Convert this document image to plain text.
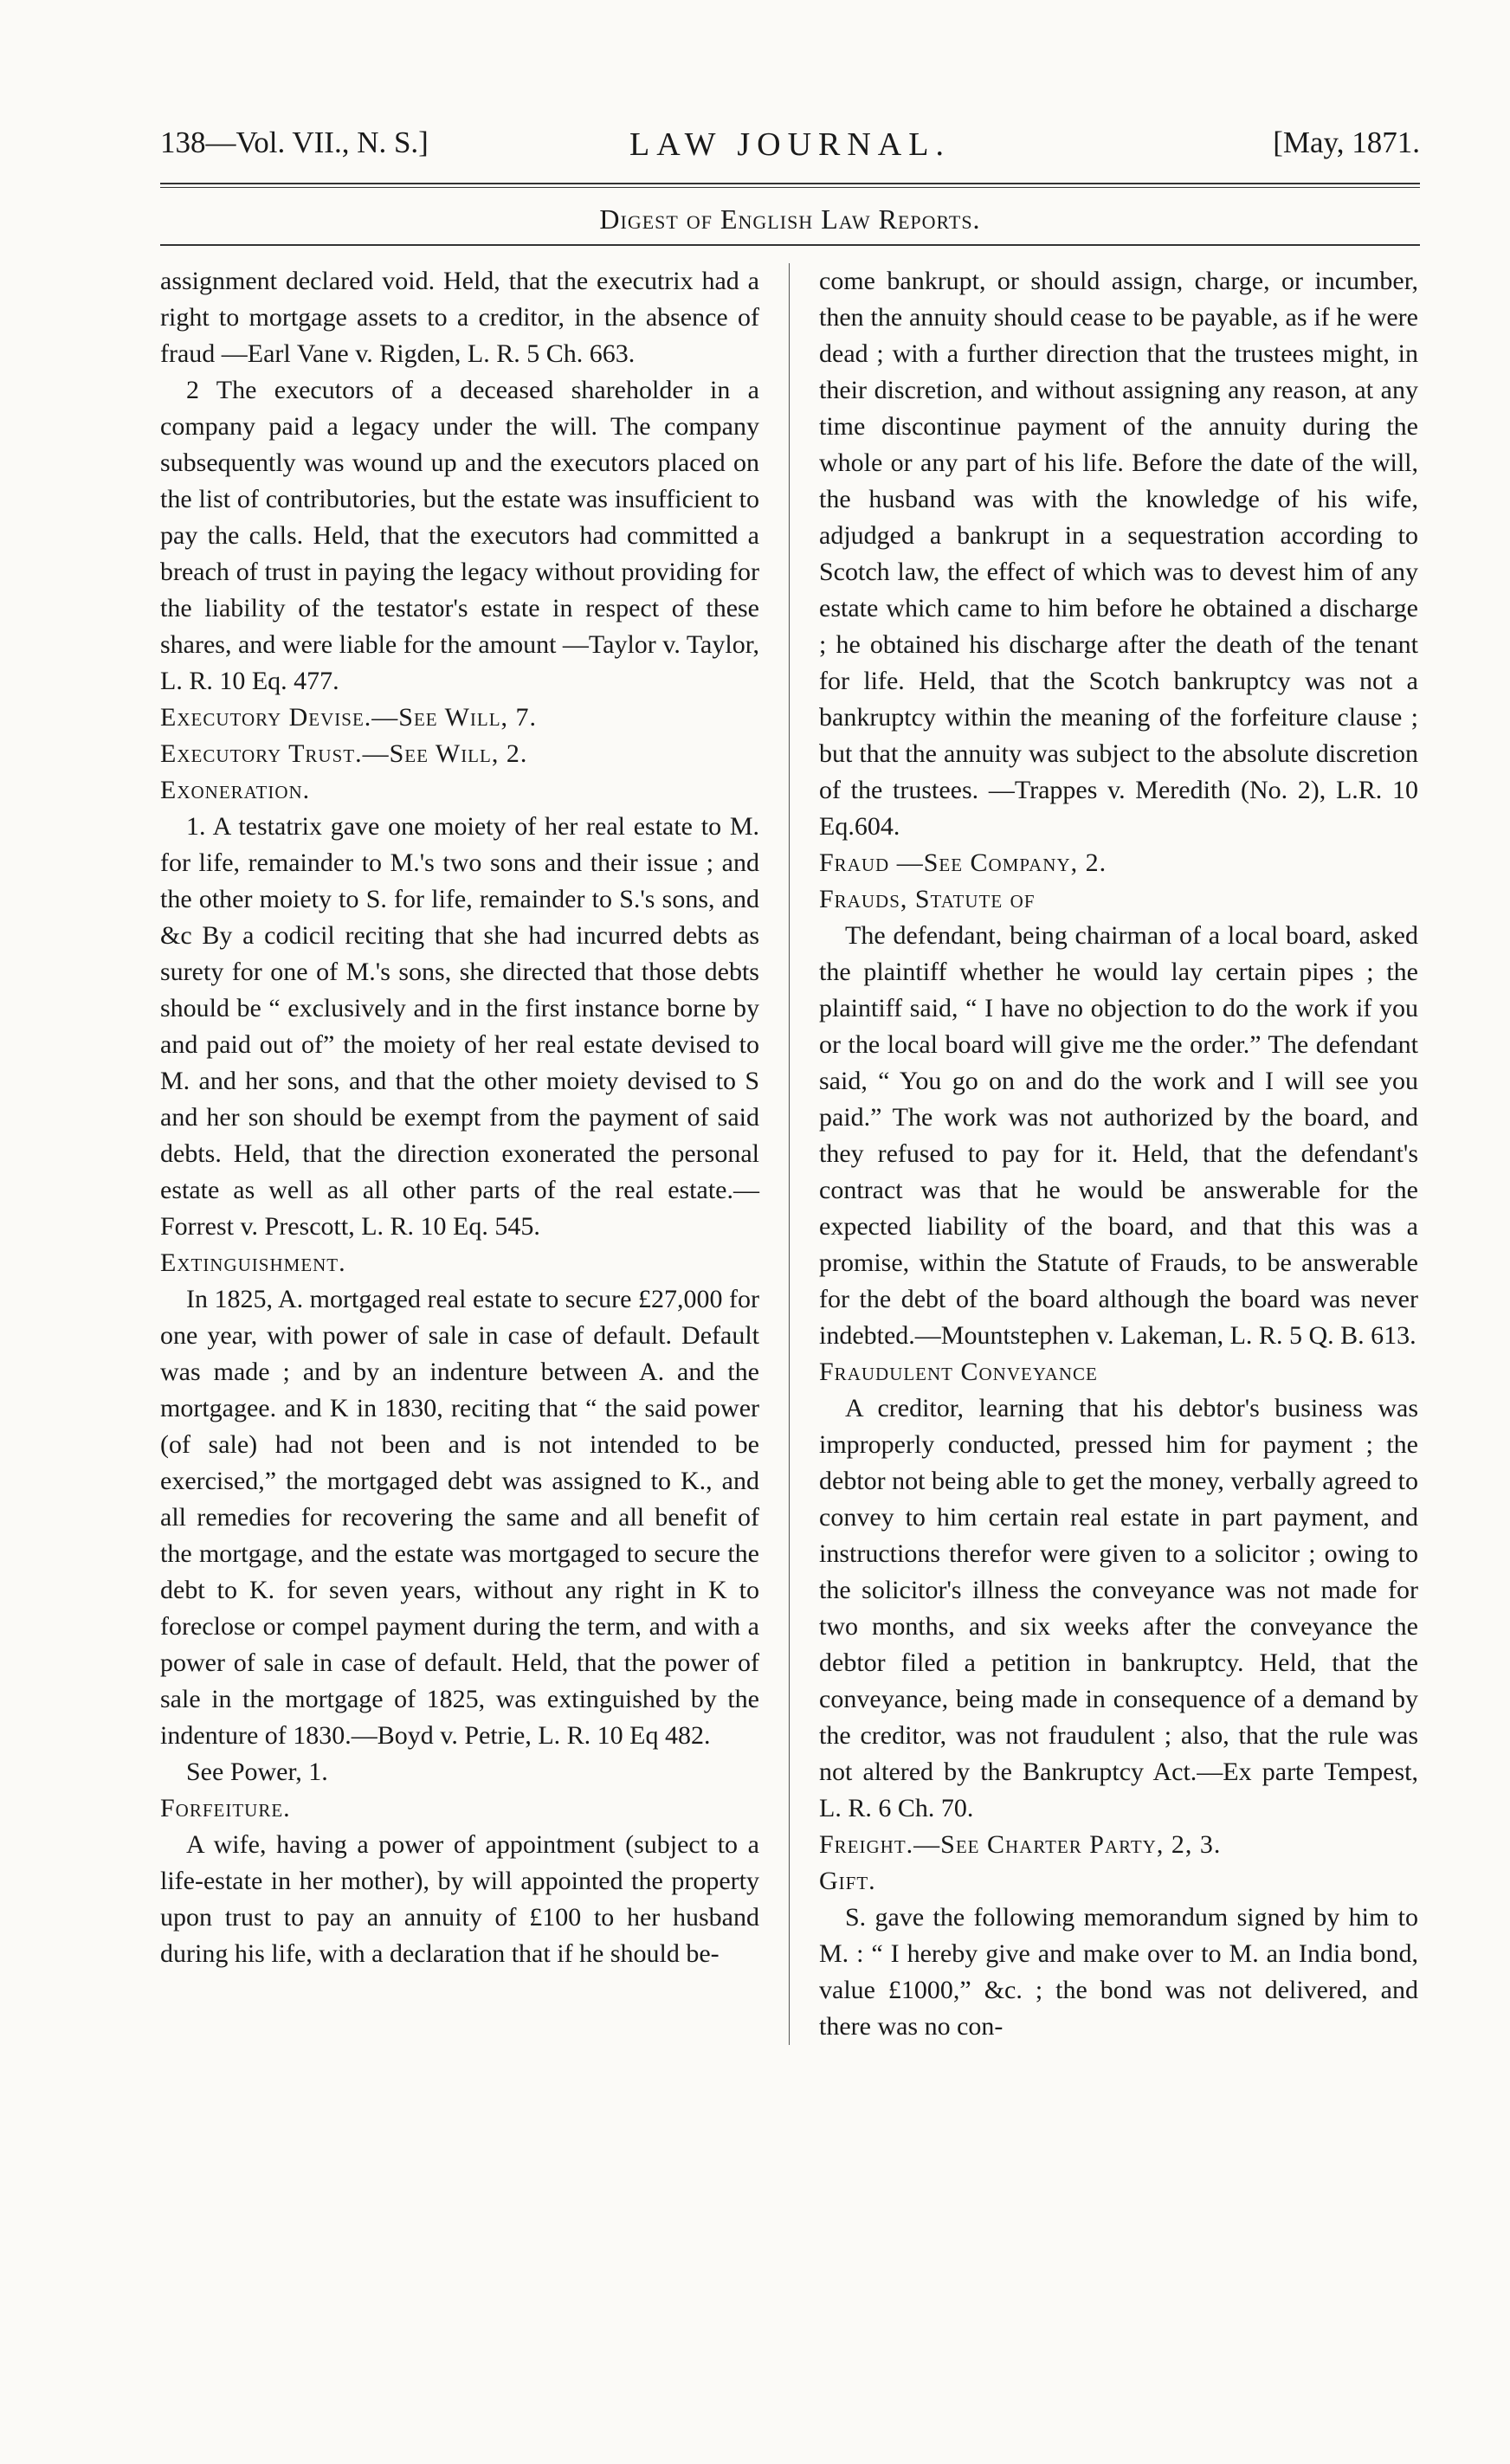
138—Vol. VII., N. S.]	LAW JOURNAL.	[May, 1871.
Digest of English Law Reports.

assignment declared void. Held, that the executrix had a right to mortgage assets to a creditor, in the absence of fraud —Earl Vane v. Rigden, L. R. 5 Ch. 663.

2 The executors of a deceased shareholder in a company paid a legacy under the will. The company subsequently was wound up and the executors placed on the list of contributories, but the estate was insufficient to pay the calls. Held, that the executors had committed a breach of trust in paying the legacy without providing for the liability of the testator's estate in respect of these shares, and were liable for the amount —Taylor v. Taylor, L. R. 10 Eq. 477.

Executory Devise.—See Will, 7.
Executory Trust.—See Will, 2.
Exoneration.

1. A testatrix gave one moiety of her real estate to M. for life, remainder to M.'s two sons and their issue ; and the other moiety to S. for life, remainder to S.'s sons, and &c By a codicil reciting that she had incurred debts as surety for one of M.'s sons, she directed that those debts should be “ exclusively and in the first instance borne by and paid out of” the moiety of her real estate devised to M. and her sons, and that the other moiety devised to S and her son should be exempt from the payment of said debts. Held, that the direction exonerated the personal estate as well as all other parts of the real estate.—Forrest v. Prescott, L. R. 10 Eq. 545.

Extinguishment.

In 1825, A. mortgaged real estate to secure £27,000 for one year, with power of sale in case of default. Default was made ; and by an indenture between A. and the mortgagee. and K in 1830, reciting that “ the said power (of sale) had not been and is not intended to be exercised,” the mortgaged debt was assigned to K., and all remedies for recovering the same and all benefit of the mortgage, and the estate was mortgaged to secure the debt to K. for seven years, without any right in K to foreclose or compel payment during the term, and with a power of sale in case of default. Held, that the power of sale in the mortgage of 1825, was extinguished by the indenture of 1830.—Boyd v. Petrie, L. R. 10 Eq 482.

See Power, 1.
Forfeiture.

A wife, having a power of appointment (subject to a life-estate in her mother), by will appointed the property upon trust to pay an annuity of £100 to her husband during his life, with a declaration that if he should be-

come bankrupt, or should assign, charge, or incumber, then the annuity should cease to be payable, as if he were dead ; with a further direction that the trustees might, in their discretion, and without assigning any reason, at any time discontinue payment of the annuity during the whole or any part of his life. Before the date of the will, the husband was with the knowledge of his wife, adjudged a bankrupt in a sequestration according to Scotch law, the effect of which was to devest him of any estate which came to him before he obtained a discharge ; he obtained his discharge after the death of the tenant for life. Held, that the Scotch bankruptcy was not a bankruptcy within the meaning of the forfeiture clause ; but that the annuity was subject to the absolute discretion of the trustees. —Trappes v. Meredith (No. 2), L.R. 10 Eq.604.

Fraud —See Company, 2.
Frauds, Statute of

The defendant, being chairman of a local board, asked the plaintiff whether he would lay certain pipes ; the plaintiff said, “ I have no objection to do the work if you or the local board will give me the order.” The defendant said, “ You go on and do the work and I will see you paid.” The work was not authorized by the board, and they refused to pay for it. Held, that the defendant's contract was that he would be answerable for the expected liability of the board, and that this was a promise, within the Statute of Frauds, to be answerable for the debt of the board although the board was never indebted.—Mountstephen v. Lakeman, L. R. 5 Q. B. 613.

Fraudulent Conveyance

A creditor, learning that his debtor's business was improperly conducted, pressed him for payment ; the debtor not being able to get the money, verbally agreed to convey to him certain real estate in part payment, and instructions therefor were given to a solicitor ; owing to the solicitor's illness the conveyance was not made for two months, and six weeks after the conveyance the debtor filed a petition in bankruptcy. Held, that the conveyance, being made in consequence of a demand by the creditor, was not fraudulent ; also, that the rule was not altered by the Bankruptcy Act.—Ex parte Tempest, L. R. 6 Ch. 70.

Freight.—See Charter Party, 2, 3.
Gift.

S. gave the following memorandum signed by him to M. : “ I hereby give and make over to M. an India bond, value £1000,” &c. ; the bond was not delivered, and there was no con-
